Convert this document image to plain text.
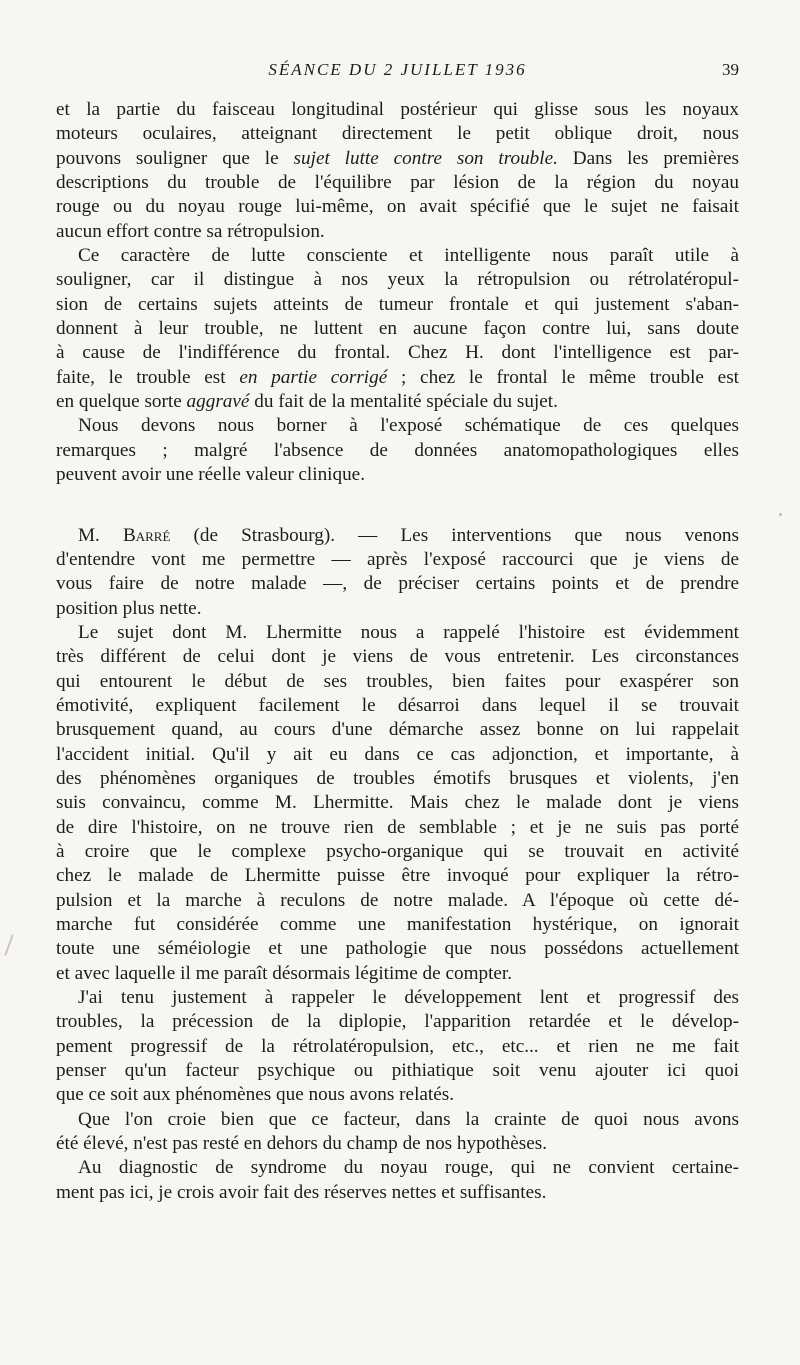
SÉANCE DU 2 JUILLET 1936	39
et la partie du faisceau longitudinal postérieur qui glisse sous les noyaux
moteurs oculaires, atteignant directement le petit oblique droit, nous
pouvons souligner que le sujet lutte contre son trouble. Dans les premières
descriptions du trouble de l'équilibre par lésion de la région du noyau
rouge ou du noyau rouge lui-même, on avait spécifié que le sujet ne faisait
aucun effort contre sa rétropulsion.
Ce caractère de lutte consciente et intelligente nous paraît utile à
souligner, car il distingue à nos yeux la rétropulsion ou rétrolatéropul-
sion de certains sujets atteints de tumeur frontale et qui justement s'aban-
donnent à leur trouble, ne luttent en aucune façon contre lui, sans doute
à cause de l'indifférence du frontal. Chez H. dont l'intelligence est par-
faite, le trouble est en partie corrigé ; chez le frontal le même trouble est
en quelque sorte aggravé du fait de la mentalité spéciale du sujet.
Nous devons nous borner à l'exposé schématique de ces quelques
remarques ; malgré l'absence de données anatomopathologiques elles
peuvent avoir une réelle valeur clinique.
M. Barré (de Strasbourg). — Les interventions que nous venons
d'entendre vont me permettre — après l'exposé raccourci que je viens de
vous faire de notre malade —, de préciser certains points et de prendre
position plus nette.
Le sujet dont M. Lhermitte nous a rappelé l'histoire est évidemment
très différent de celui dont je viens de vous entretenir. Les circonstances
qui entourent le début de ses troubles, bien faites pour exaspérer son
émotivité, expliquent facilement le désarroi dans lequel il se trouvait
brusquement quand, au cours d'une démarche assez bonne on lui rappelait
l'accident initial. Qu'il y ait eu dans ce cas adjonction, et importante, à
des phénomènes organiques de troubles émotifs brusques et violents, j'en
suis convaincu, comme M. Lhermitte. Mais chez le malade dont je viens
de dire l'histoire, on ne trouve rien de semblable ; et je ne suis pas porté
à croire que le complexe psycho-organique qui se trouvait en activité
chez le malade de Lhermitte puisse être invoqué pour expliquer la rétro-
pulsion et la marche à reculons de notre malade. A l'époque où cette dé-
marche fut considérée comme une manifestation hystérique, on ignorait
toute une séméiologie et une pathologie que nous possédons actuellement
et avec laquelle il me paraît désormais légitime de compter.
J'ai tenu justement à rappeler le développement lent et progressif des
troubles, la précession de la diplopie, l'apparition retardée et le dévelop-
pement progressif de la rétrolatéropulsion, etc., etc... et rien ne me fait
penser qu'un facteur psychique ou pithiatique soit venu ajouter ici quoi
que ce soit aux phénomènes que nous avons relatés.
Que l'on croie bien que ce facteur, dans la crainte de quoi nous avons
été élevé, n'est pas resté en dehors du champ de nos hypothèses.
Au diagnostic de syndrome du noyau rouge, qui ne convient certaine-
ment pas ici, je crois avoir fait des réserves nettes et suffisantes.
